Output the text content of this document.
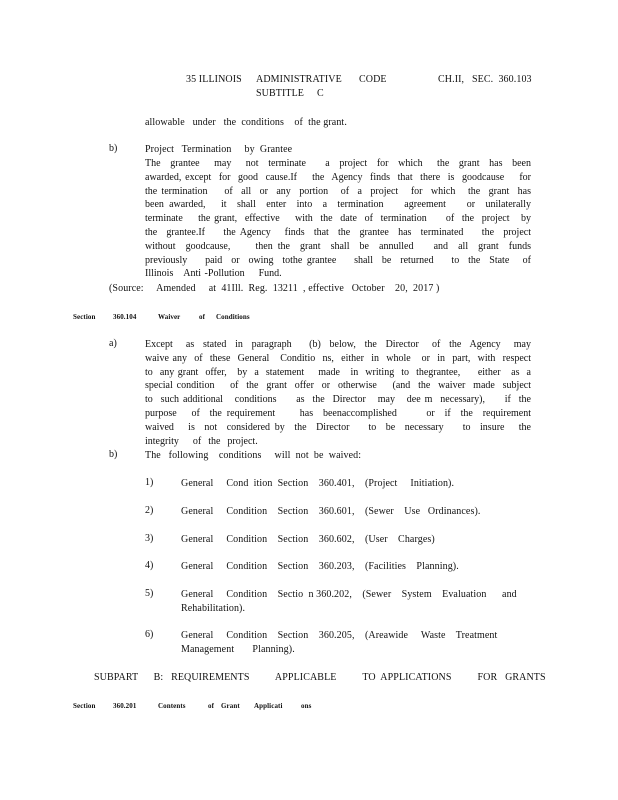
35 ILLINOIS ADMINISTRATIVE CODE	CH.II, SEC.  360.103
SUBTITLE     C
allowable   under   the  conditions    of  the grant.
b)	Project   Termination     by  Grantee
The  grantee   may   not  terminate    a  project  for  which   the  grant  has  been  awarded, except  for  good  cause.If    the  Agency  finds  that  there  is  goodcause    for  the termination    of  all  or  any  portion   of  a  project   for  which   the  grant  has  been awarded,   it  shall  enter  into  a  termination    agreement    or  unilaterally   terminate    the grant,  effective    with  the  date  of  termination     of  the  project   by  the  grantee.If    the Agency   finds  that  the  grantee  has  terminated    the  project  without  goodcause,     then the  grant  shall  be  annulled    and  all  grant  funds  previously    paid  or  owing  tothe grantee    shall  be  returned    to  the  State   of  Illinois   Anti -Pollution    Fund.
(Source:     Amended     at  41Ill.  Reg.  13211  , effective   October    20,  2017 )
Section	360.104	Waiver	of Conditions
a)	Except   as  stated  in  paragraph    (b)  below,  the  Director   of  the  Agency   may   waive any  of  these  General   Conditio  ns,  either  in  whole   or  in  part,  with  respect   to  any grant  offer,   by  a  statement    made   in  writing  to  thegrantee,     either   as  a  special condition    of  the  grant  offer  or  otherwise    (and  the  waiver  made  subject  to  such additional   conditions     as  the  Director   may   dee m  necessary),     if  the  purpose   of  the requirement     has  beenaccomplished      or  if  the  requirement     waived   is  not  considered by  the  Director    to  be  necessary    to  insure   the  integrity    of  the  project.
b)	The   following    conditions     will  not  be  waived:
1)	General     Cond  ition  Section    360.401,    (Project     Initiation).
2)	General     Condition    Section    360.601,    (Sewer    Use   Ordinances).
3)	General     Condition    Section    360.602,    (User    Charges)
4)	General     Condition    Section    360.203,    (Facilities    Planning).
5)	General     Condition    Sectio  n 360.202,    (Sewer    System    Evaluation      and
Rehabilitation).
6)	General     Condition    Section    360.205,    (Areawide     Waste    Treatment
Management       Planning).
SUBPART      B:   REQUIREMENTS          APPLICABLE          TO  APPLICATIONS          FOR   GRANTS
Section	360.201	Contents	of Grant Applicati	ons
